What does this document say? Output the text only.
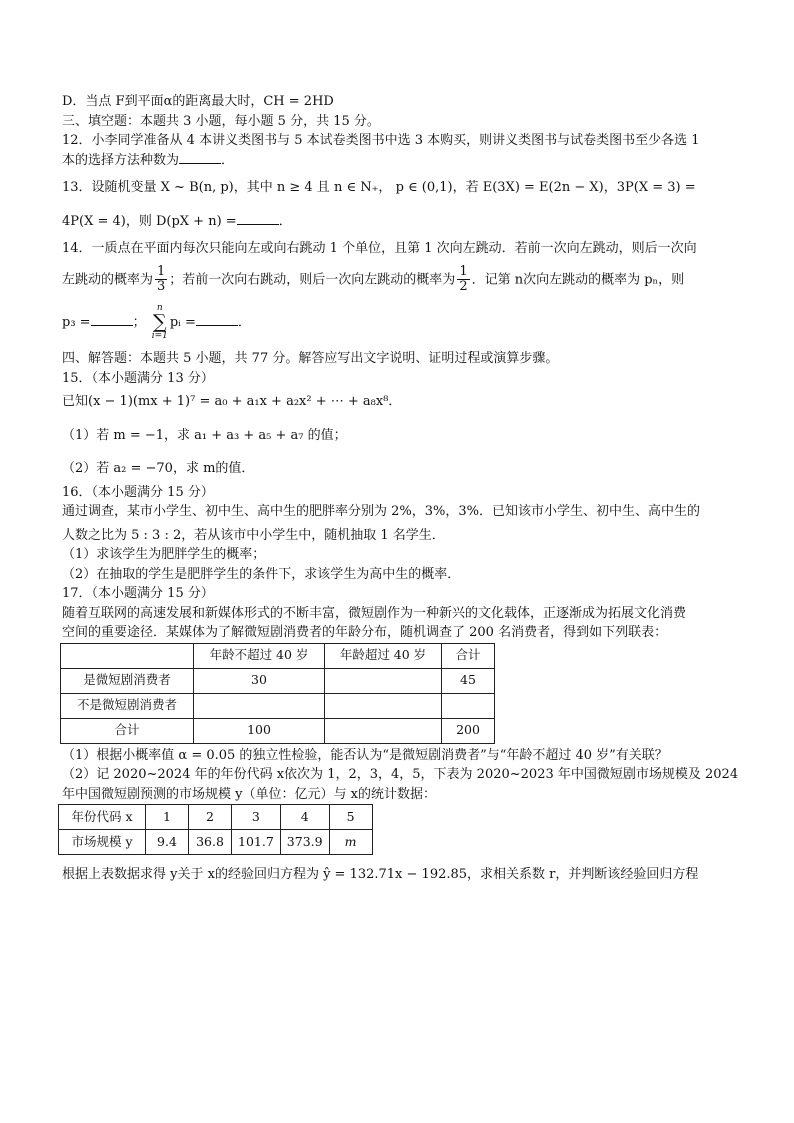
D．当点 F到平面α的距离最大时，CH = 2HD
三、填空题：本题共 3 小题，每小题 5 分，共 15 分。
12．小李同学准备从 4 本讲义类图书与 5 本试卷类图书中选 3 本购买，则讲义类图书与试卷类图书至少各选 1
本的选择方法种数为	．
13．设随机变量 X ~ B(n, p)，其中 n ≥ 4 且 n ∈ N₊， p ∈ (0,1)，若 E(3X) = E(2n − X)，3P(X = 3) =
4P(X = 4)，则 D(pX + n) =	．
14．一质点在平面内每次只能向左或向右跳动 1 个单位，且第 1 次向左跳动．若前一次向左跳动，则后一次向
左跳动的概率为 $\frac{1}{3}$ ；若前一次向右跳动，则后一次向左跳动的概率为 $\frac{1}{2}$ ．记第 n次向左跳动的概率为 pₙ，则
p₃ =	；
n
∑
i=1
pᵢ =	．
四、解答题：本题共 5 小题，共 77 分。解答应写出文字说明、证明过程或演算步骤。
15．（本小题满分 13 分）
已知(x − 1)(mx + 1)⁷ = a₀ + a₁x + a₂x² + ⋯ + a₈x⁸．
（1）若 m = −1，求 a₁ + a₃ + a₅ + a₇ 的值；
（2）若 a₂ = −70，求 m的值．
16．（本小题满分 15 分）
通过调查，某市小学生、初中生、高中生的肥胖率分别为 2%，3%，3%．已知该市小学生、初中生、高中生的
人数之比为 5 : 3 : 2，若从该市中小学生中，随机抽取 1 名学生．
（1）求该学生为肥胖学生的概率；
（2）在抽取的学生是肥胖学生的条件下，求该学生为高中生的概率．
17．（本小题满分 15 分）
随着互联网的高速发展和新媒体形式的不断丰富，微短剧作为一种新兴的文化载体，正逐渐成为拓展文化消费
空间的重要途径．某媒体为了解微短剧消费者的年龄分布，随机调查了 200 名消费者，得到如下列联表：
	年龄不超过 40 岁	年龄超过 40 岁	合计
是微短剧消费者	30		45
不是微短剧消费者			
合计	100		200
（1）根据小概率值 α = 0.05 的独立性检验，能否认为“是微短剧消费者”与“年龄不超过 40 岁”有关联？
（2）记 2020~2024 年的年份代码 x依次为 1，2，3，4，5，下表为 2020~2023 年中国微短剧市场规模及 2024
年中国微短剧预测的市场规模 y（单位：亿元）与 x的统计数据：
年份代码 x	1	2	3	4	5
市场规模 y	9.4	36.8	101.7	373.9	m
根据上表数据求得 y关于 x的经验回归方程为 ŷ = 132.71x − 192.85，求相关系数 r，并判断该经验回归方程
